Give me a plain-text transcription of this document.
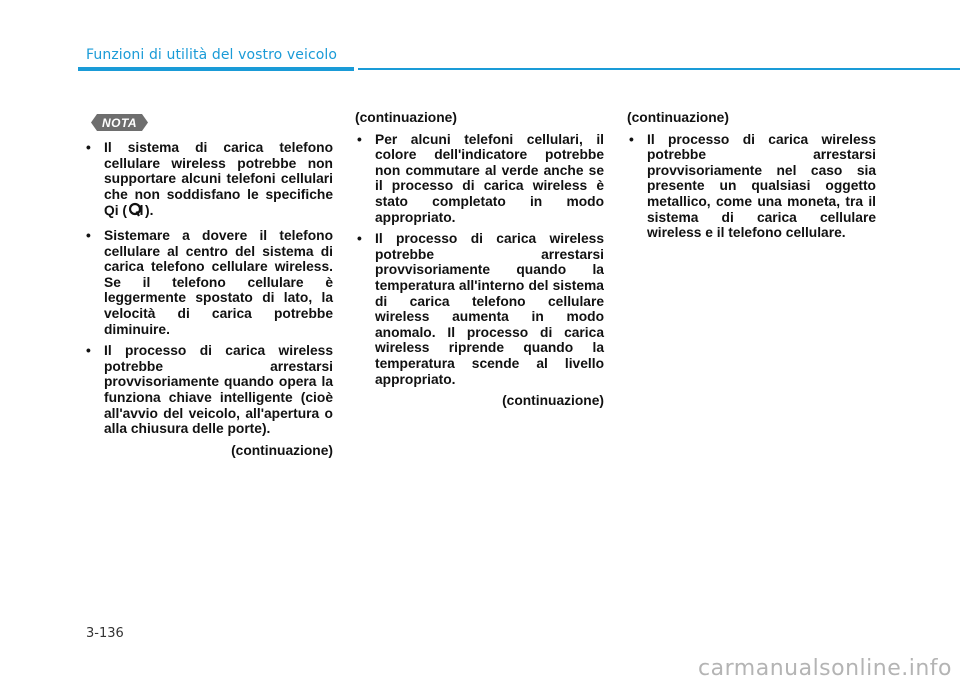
Funzioni di utilità del vostro veicolo
NOTA
• Il sistema di carica telefono cellulare wireless potrebbe non supportare alcuni telefoni cellulari che non soddisfano le specifiche Qi ( ).
• Sistemare a dovere il telefono cellulare al centro del sistema di carica telefono cellulare wireless. Se il telefono cellulare è leggermente spostato di lato, la velocità di carica potrebbe diminuire.
• Il processo di carica wireless potrebbe arrestarsi provvisoriamente quando opera la funziona chiave intelligente (cioè all'avvio del veicolo, all'apertura o alla chiusura delle porte).
(continuazione)
(continuazione)
• Per alcuni telefoni cellulari, il colore dell'indicatore potrebbe non commutare al verde anche se il processo di carica wireless è stato completato in modo appropriato.
• Il processo di carica wireless potrebbe arrestarsi provvisoriamente quando la temperatura all'interno del sistema di carica telefono cellulare wireless aumenta in modo anomalo. Il processo di carica wireless riprende quando la temperatura scende al livello appropriato.
(continuazione)
(continuazione)
• Il processo di carica wireless potrebbe arrestarsi provvisoriamente nel caso sia presente un qualsiasi oggetto metallico, come una moneta, tra il sistema di carica cellulare wireless e il telefono cellulare.
3-136
carmanualsonline.info
